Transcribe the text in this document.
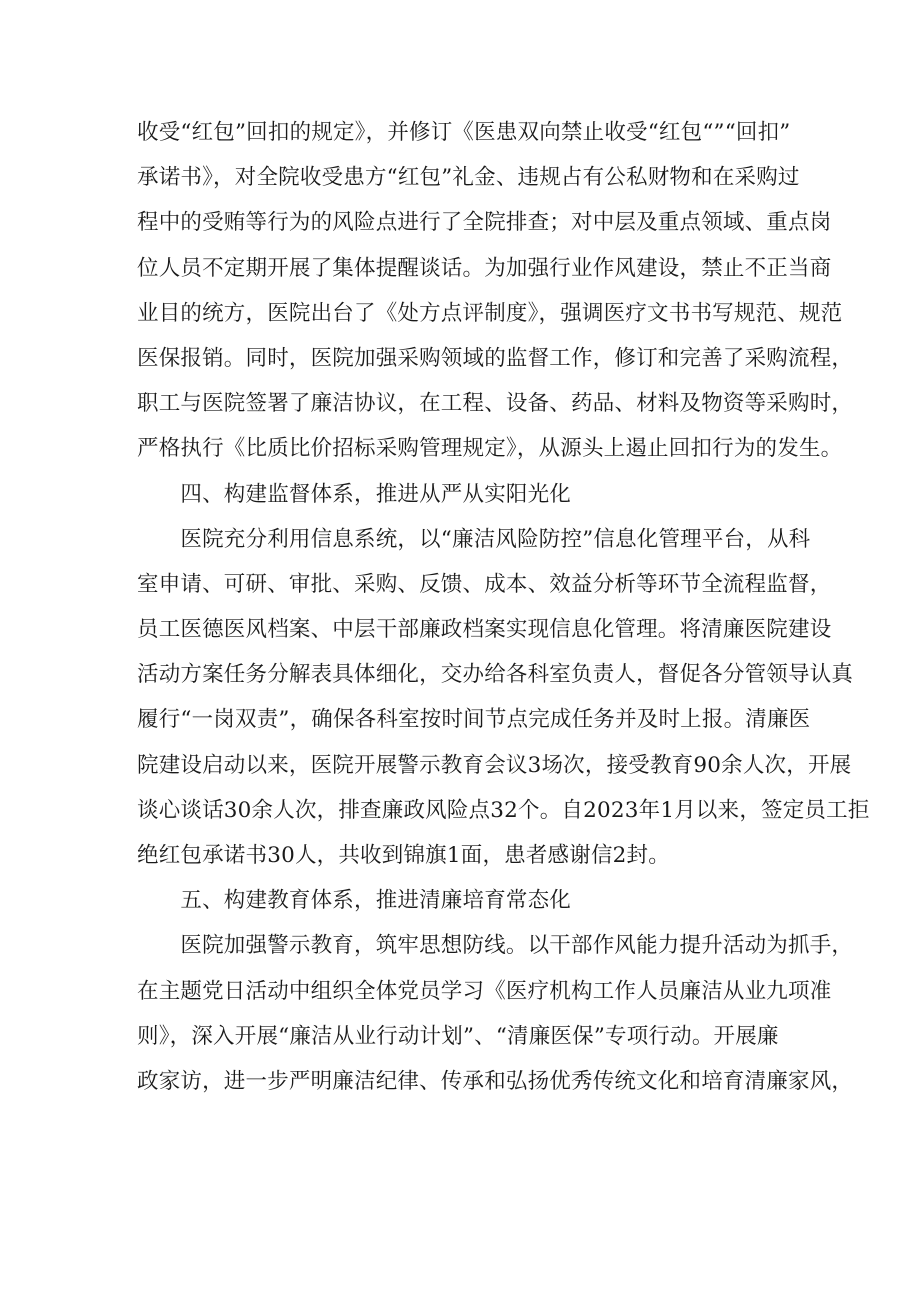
收受“红包”回扣的规定》，并修订《医患双向禁止收受“红包“”“回扣”
承诺书》，对全院收受患方“红包”礼金、违规占有公私财物和在采购过
程中的受贿等行为的风险点进行了全院排查；对中层及重点领域、重点岗
位人员不定期开展了集体提醒谈话。为加强行业作风建设，禁止不正当商
业目的统方，医院出台了《处方点评制度》，强调医疗文书书写规范、规范
医保报销。同时，医院加强采购领域的监督工作，修订和完善了采购流程，
职工与医院签署了廉洁协议，在工程、设备、药品、材料及物资等采购时，
严格执行《比质比价招标采购管理规定》，从源头上遏止回扣行为的发生。
　　四、构建监督体系，推进从严从实阳光化
　　医院充分利用信息系统，以“廉洁风险防控”信息化管理平台，从科
室申请、可研、审批、采购、反馈、成本、效益分析等环节全流程监督，
员工医德医风档案、中层干部廉政档案实现信息化管理。将清廉医院建设
活动方案任务分解表具体细化，交办给各科室负责人，督促各分管领导认真
履行“一岗双责”，确保各科室按时间节点完成任务并及时上报。清廉医
院建设启动以来，医院开展警示教育会议3场次，接受教育90余人次，开展
谈心谈话30余人次，排查廉政风险点32个。自2023年1月以来，签定员工拒
绝红包承诺书30人，共收到锦旗1面，患者感谢信2封。
　　五、构建教育体系，推进清廉培育常态化
　　医院加强警示教育，筑牢思想防线。以干部作风能力提升活动为抓手，
在主题党日活动中组织全体党员学习《医疗机构工作人员廉洁从业九项准
则》，深入开展“廉洁从业行动计划”、“清廉医保”专项行动。开展廉
政家访，进一步严明廉洁纪律、传承和弘扬优秀传统文化和培育清廉家风，
